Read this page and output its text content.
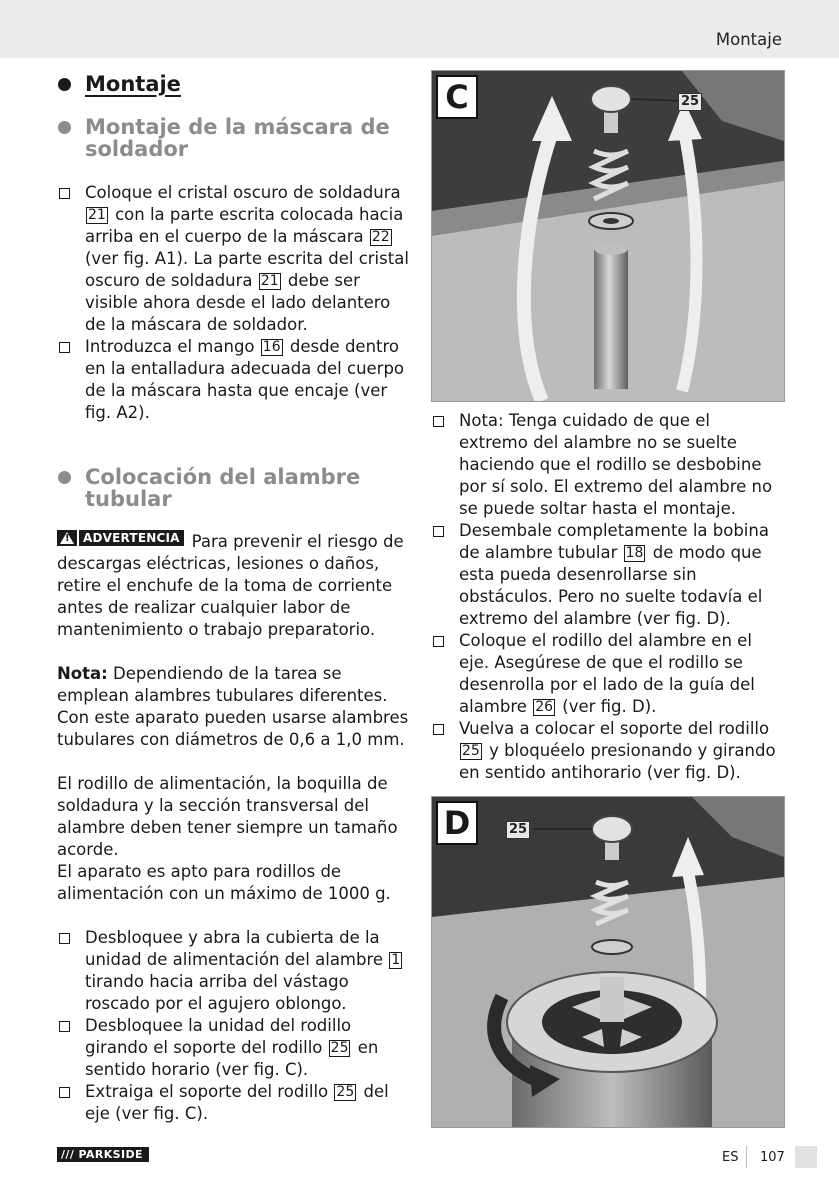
Montaje
Montaje
Montaje de la máscara de soldador
Coloque el cristal oscuro de soldadura 21 con la parte escrita colocada hacia arriba en el cuerpo de la máscara 22 (ver fig. A1). La parte escrita del cristal oscuro de soldadura 21 debe ser visible ahora desde el lado delantero de la máscara de soldador.
Introduzca el mango 16 desde dentro en la entalladura adecuada del cuerpo de la máscara hasta que encaje (ver fig. A2).
Colocación del alambre tubular

!
ADVERTENCIA Para prevenir el riesgo de descargas eléctricas, lesiones o daños, retire el enchufe de la toma de corriente antes de realizar cualquier labor de mantenimiento o trabajo preparatorio.

Nota: Dependiendo de la tarea se emplean alambres tubulares diferentes. Con este aparato pueden usarse alambres tubulares con diámetros de 0,6 a 1,0 mm.

El rodillo de alimentación, la boquilla de soldadura y la sección transversal del alambre deben tener siempre un tamaño acorde.

El aparato es apto para rodillos de alimentación con un máximo de 1000 g.

Desbloquee y abra la cubierta de la unidad de alimentación del alambre 1 tirando hacia arriba del vástago roscado por el agujero oblongo.
Desbloquee la unidad del rodillo girando el soporte del rodillo 25 en sentido horario (ver fig. C).
Extraiga el soporte del rodillo 25 del eje (ver fig. C).
C	25
Nota: Tenga cuidado de que el extremo del alambre no se suelte haciendo que el rodillo se desbobine por sí solo. El extremo del alambre no se puede soltar hasta el montaje.
Desembale completamente la bobina de alambre tubular 18 de modo que esta pueda desenrollarse sin obstáculos. Pero no suelte todavía el extremo del alambre (ver fig. D).
Coloque el rodillo del alambre en el eje. Asegúrese de que el rodillo se desenrolla por el lado de la guía del alambre 26 (ver fig. D).
Vuelva a colocar el soporte del rodillo 25 y bloquéelo presionando y girando en sentido antihorario (ver fig. D).
D	25
/// PARKSIDE	ES 107
